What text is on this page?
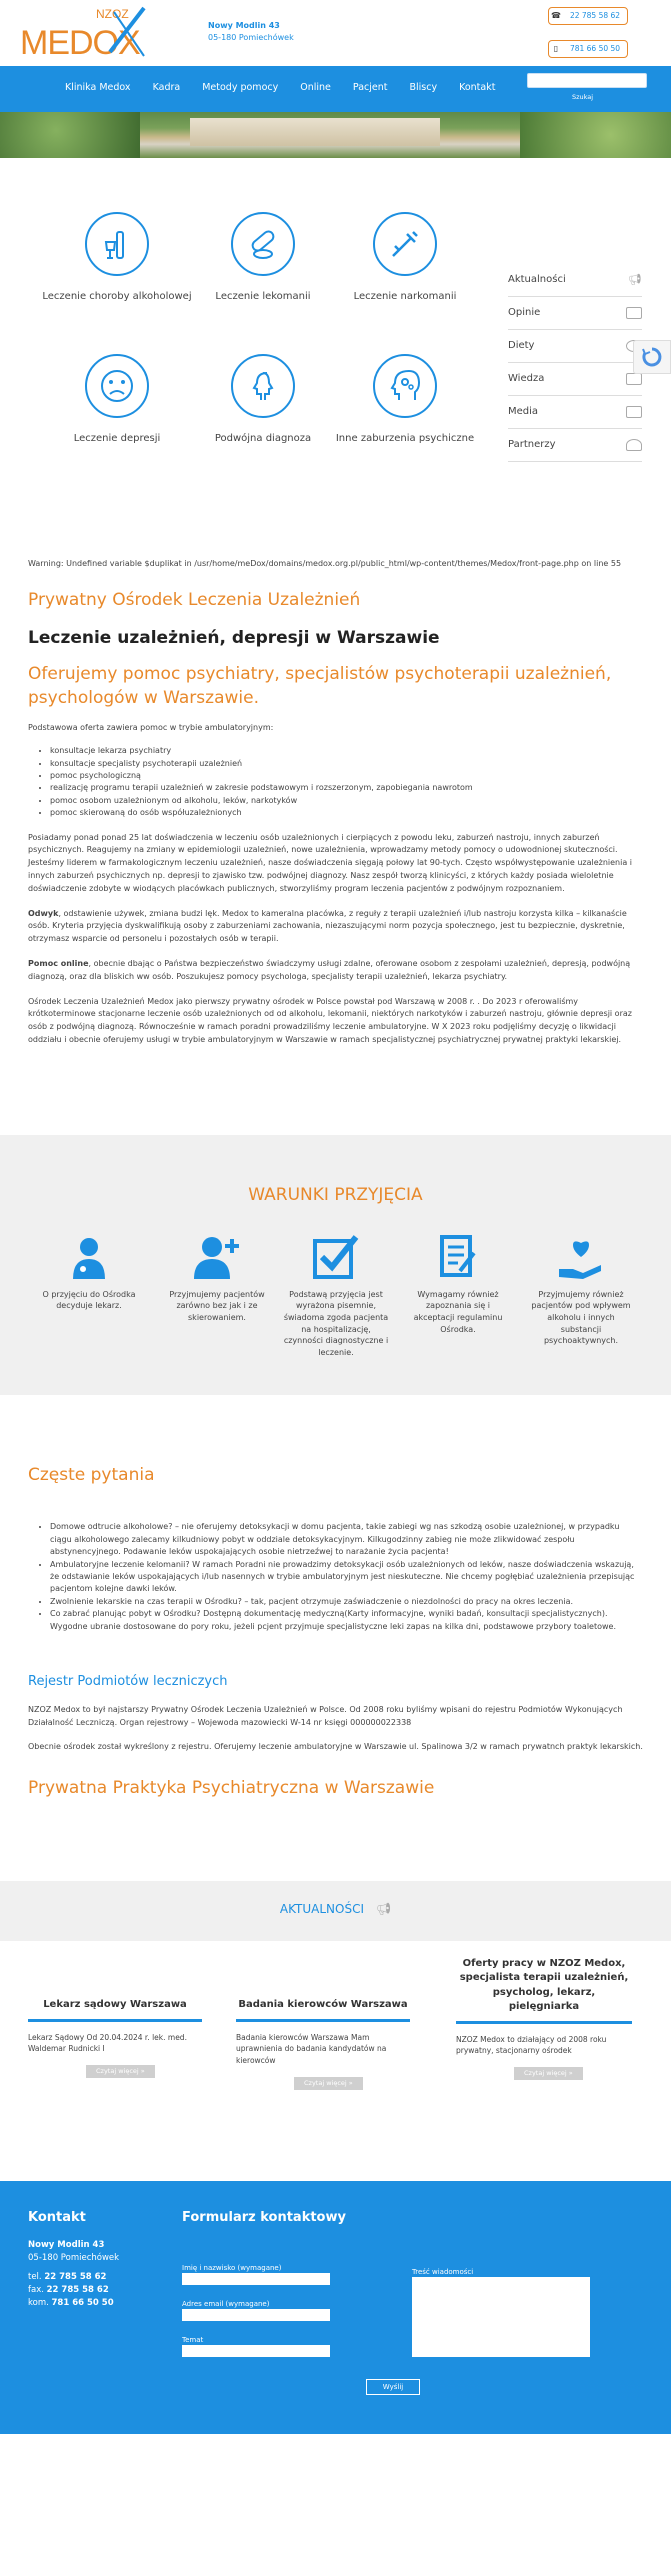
NZOZ
MEDOX	Nowy Modlin 43
05-180 Pomiechówek
☎	22 785 58 62
▯	781 66 50 50
Klinika Medox Kadra Metody pomocy Online Pacjent Bliscy Kontakt
Szukaj
Leczenie choroby alkoholowej	Leczenie lekomanii	Leczenie narkomanii
Leczenie depresji	Podwójna diagnoza	Inne zaburzenia psychiczne
Aktualności	📢︎
Opinie
Diety
Wiedza
Media
Partnerzy
Warning: Undefined variable $duplikat in /usr/home/meDox/domains/medox.org.pl/public_html/wp-content/themes/Medox/front-page.php on line 55
Prywatny Ośrodek Leczenia Uzależnień
Leczenie uzależnień, depresji w Warszawie
Oferujemy pomoc psychiatry, specjalistów psychoterapii uzależnień, psychologów w Warszawie.

Podstawowa oferta zawiera pomoc w trybie ambulatoryjnym:

• konsultacje lekarza psychiatry
• konsultacje specjalisty psychoterapii uzależnień
• pomoc psychologiczną
• realizację programu terapii uzależnień w zakresie podstawowym i rozszerzonym, zapobiegania nawrotom
• pomoc osobom uzależnionym od alkoholu, leków, narkotyków
• pomoc skierowaną do osób współuzależnionych

Posiadamy ponad ponad 25 lat doświadczenia w leczeniu osób uzależnionych i cierpiących z powodu leku, zaburzeń nastroju, innych zaburzeń psychicznych. Reagujemy na zmiany w epidemiologii uzależnień, nowe uzależnienia, wprowadzamy metody pomocy o udowodnionej skuteczności. Jesteśmy liderem w farmakologicznym leczeniu uzależnień, nasze doświadczenia sięgają połowy lat 90-tych. Często współwystępowanie uzależnienia i innych zaburzeń psychicznych np. depresji to zjawisko tzw. podwójnej diagnozy. Nasz zespół tworzą klinicyści, z których każdy posiada wieloletnie doświadczenie zdobyte w wiodących placówkach publicznych, stworzyliśmy program leczenia pacjentów z podwójnym rozpoznaniem.

Odwyk, odstawienie używek, zmiana budzi lęk. Medox to kameralna placówka, z reguły z terapii uzależnień i/lub nastroju korzysta kilka – kilkanaście osób. Kryteria przyjęcia dyskwalifikują osoby z zaburzeniami zachowania, niezaszującymi norm pozycja społecznego, jest tu bezpiecznie, dyskretnie, otrzymasz wsparcie od personelu i pozostałych osób w terapii.

Pomoc online, obecnie dbając o Państwa bezpieczeństwo świadczymy usługi zdalne, oferowane osobom z zespołami uzależnień, depresją, podwójną diagnozą, oraz dla bliskich ww osób. Poszukujesz pomocy psychologa, specjalisty terapii uzależnień, lekarza psychiatry.

Ośrodek Leczenia Uzależnień Medox jako pierwszy prywatny ośrodek w Polsce powstał pod Warszawą w 2008 r. . Do 2023 r oferowaliśmy krótkoterminowe stacjonarne leczenie osób uzależnionych od od alkoholu, lekomanii, niektórych narkotyków i zaburzeń nastroju, głównie depresji oraz osób z podwójną diagnozą. Równocześnie w ramach poradni prowadziliśmy leczenie ambulatoryjne. W X 2023 roku podjęliśmy decyzję o likwidacji oddziału i obecnie oferujemy usługi w trybie ambulatoryjnym w Warszawie w ramach specjalistycznej psychiatrycznej prywatnej praktyki lekarskiej.

WARUNKI PRZYJĘCIA
O przyjęciu do Ośrodka decyduje lekarz.
Przyjmujemy pacjentów zarówno bez jak i ze skierowaniem.
Podstawą przyjęcia jest wyrażona pisemnie, świadoma zgoda pacjenta na hospitalizację, czynności diagnostyczne i leczenie.
Wymagamy również zapoznania się i akceptacji regulaminu Ośrodka.
Przyjmujemy również pacjentów pod wpływem alkoholu i innych substancji psychoaktywnych.
Częste pytania
• Domowe odtrucie alkoholowe? – nie oferujemy detoksykacji w domu pacjenta, takie zabiegi wg nas szkodzą osobie uzależnionej, w przypadku ciągu alkoholowego zalecamy kilkudniowy pobyt w oddziale detoksykacyjnym. Kilkugodzinny zabieg nie może zlikwidować zespołu abstynencyjnego. Podawanie leków uspokajających osobie nietrzeźwej to narażanie życia pacjenta!
• Ambulatoryjne leczenie kelomanii? W ramach Poradni nie prowadzimy detoksykacji osób uzależnionych od leków, nasze doświadczenia wskazują, że odstawianie leków uspokajających i/lub nasennych w trybie ambulatoryjnym jest nieskuteczne. Nie chcemy pogłębiać uzależnienia przepisując pacjentom kolejne dawki leków.
• Zwolnienie lekarskie na czas terapii w Ośrodku? – tak, pacjent otrzymuje zaświadczenie o niezdolności do pracy na okres leczenia.
• Co zabrać planując pobyt w Ośrodku? Dostępną dokumentację medyczną(Karty informacyjne, wyniki badań, konsultacji specjalistycznych). Wygodne ubranie dostosowane do pory roku, jeżeli pcjent przyjmuje specjalistyczne leki zapas na kilka dni, podstawowe przybory toaletowe.
Rejestr Podmiotów leczniczych

NZOZ Medox to był najstarszy Prywatny Ośrodek Leczenia Uzależnień w Polsce. Od 2008 roku byliśmy wpisani do rejestru Podmiotów Wykonujących Działalność Leczniczą. Organ rejestrowy – Wojewoda mazowiecki W-14 nr księgi 000000022338

Obecnie ośrodek został wykreślony z rejestru. Oferujemy leczenie ambulatoryjne w Warszawie ul. Spalinowa 3/2 w ramach prywatnch praktyk lekarskich.

Prywatna Praktyka Psychiatryczna w Warszawie
AKTUALNOŚCI 📢︎
Lekarz sądowy Warszawa
Lekarz Sądowy Od 20.04.2024 r. lek. med. Waldemar Rudnicki I
Czytaj więcej »
Badania kierowców Warszawa
Badania kierowców Warszawa Mam uprawnienia do badania kandydatów na kierowców
Czytaj więcej »
Oferty pracy w NZOZ Medox, specjalista terapii uzależnień, psycholog, lekarz, pielęgniarka
NZOZ Medox to działający od 2008 roku prywatny, stacjonarny ośrodek
Czytaj więcej »
Kontakt
Nowy Modlin 43
05-180 Pomiechówek
tel. 22 785 58 62
fax. 22 785 58 62
kom. 781 66 50 50
Formularz kontaktowy
Imię i nazwisko (wymagane)
Adres email (wymagane)
Temat
Treść wiadomości
Wyślij
